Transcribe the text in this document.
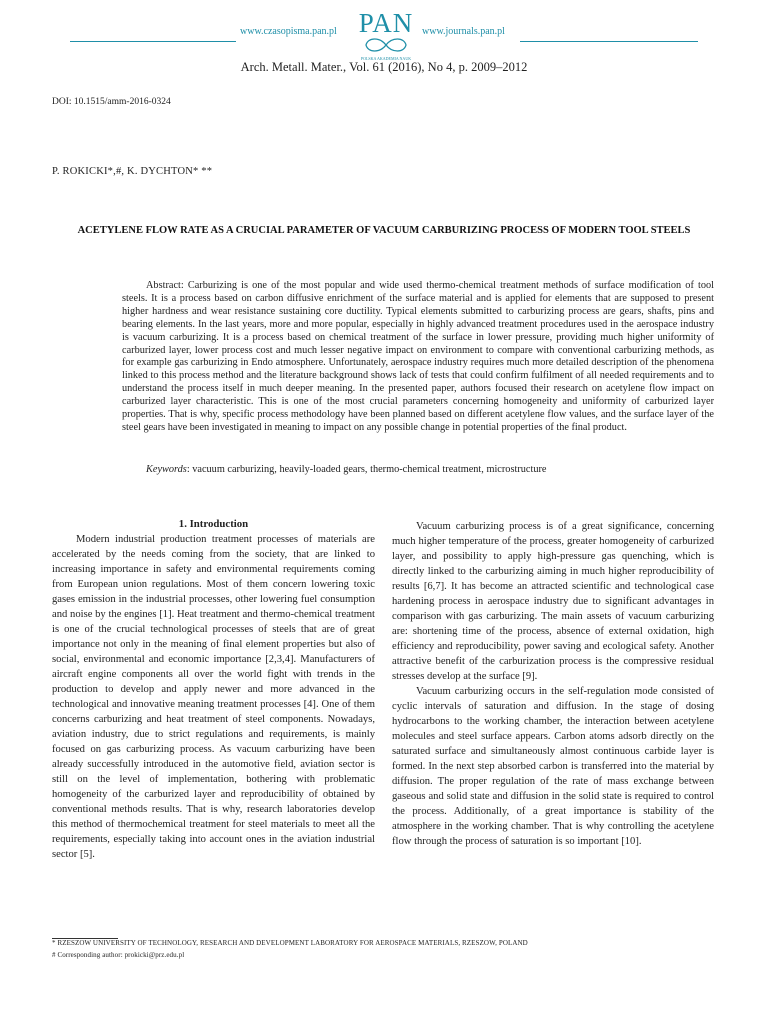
www.czasopisma.pan.pl PAN
POLSKA AKADEMIA NAUK
www.journals.pan.pl
Arch. Metall. Mater., Vol. 61 (2016), No 4, p. 2009–2012
DOI: 10.1515/amm-2016-0324
P. ROKICKI*,#, K. DYCHTON* **
ACETYLENE FLOW RATE AS A CRUCIAL PARAMETER OF VACUUM CARBURIZING PROCESS OF MODERN TOOL STEELS

Abstract: Carburizing is one of the most popular and wide used thermo-chemical treatment methods of surface modification of tool steels. It is a process based on carbon diffusive enrichment of the surface material and is applied for elements that are supposed to present higher hardness and wear resistance sustaining core ductility. Typical elements submitted to carburizing process are gears, shafts, pins and bearing elements. In the last years, more and more popular, especially in highly advanced treatment procedures used in the aerospace industry is vacuum carburizing. It is a process based on chemical treatment of the surface in lower pressure, providing much higher uniformity of carburized layer, lower process cost and much lesser negative impact on environment to compare with conventional carburizing methods, as for example gas carburizing in Endo atmosphere. Unfortunately, aerospace industry requires much more detailed description of the phenomena linked to this process method and the literature background shows lack of tests that could confirm fulfilment of all needed requirements and to understand the process itself in much deeper meaning. In the presented paper, authors focused their research on acetylene flow impact on carburized layer characteristic. This is one of the most crucial parameters concerning homogeneity and uniformity of carburized layer properties. That is why, specific process methodology have been planned based on different acetylene flow values, and the surface layer of the steel gears have been investigated in meaning to impact on any possible change in potential properties of the final product.

Keywords: vacuum carburizing, heavily-loaded gears, thermo-chemical treatment, microstructure

1. Introduction

Modern industrial production treatment processes of materials are accelerated by the needs coming from the society, that are linked to increasing importance in safety and environmental requirements coming from European union regulations. Most of them concern lowering toxic gases emission in the industrial processes, other lowering fuel consumption and noise by the engines [1]. Heat treatment and thermo-chemical treatment is one of the crucial technological processes of steels that are of great importance not only in the meaning of final element properties but also of social, environmental and economic importance [2,3,4]. Manufacturers of aircraft engine components all over the world fight with trends in the production to develop and apply newer and more advanced in the technological and innovative meaning treatment processes [4]. One of them concerns carburizing and heat treatment of steel components. Nowadays, aviation industry, due to strict regulations and requirements, is mainly focused on gas carburizing process. As vacuum carburizing have been already successfully introduced in the automotive field, aviation sector is still on the level of implementation, bothering with problematic homogeneity of the carburized layer and reproducibility of obtained by conventional methods results. That is why, research laboratories develop this method of thermochemical treatment for steel materials to meet all the requirements, especially taking into account ones in the aviation industrial sector [5].

Vacuum carburizing process is of a great significance, concerning much higher temperature of the process, greater homogeneity of carburized layer, and possibility to apply high-pressure gas quenching, which is directly linked to the carburizing aiming in much higher reproducibility of results [6,7]. It has become an attracted scientific and technological case hardening process in aerospace industry due to significant advantages in comparison with gas carburizing. The main assets of vacuum carburizing are: shortening time of the process, absence of external oxidation, high efficiency and reproducibility, power saving and ecological safety. Another attractive benefit of the carburization process is the compressive residual stresses develop at the surface [9].

Vacuum carburizing occurs in the self-regulation mode consisted of cyclic intervals of saturation and diffusion. In the stage of dosing hydrocarbons to the working chamber, the interaction between acetylene molecules and steel surface appears. Carbon atoms adsorb directly on the saturated surface and simultaneously almost continuous carbide layer is formed. In the next step absorbed carbon is transferred into the material by diffusion. The proper regulation of the rate of mass exchange between gaseous and solid state and diffusion in the solid state is required to control the process. Additionally, of a great importance is stability of the atmosphere in the working chamber. That is why controlling the acetylene flow through the process of saturation is so important [10].

* RZESZOW UNIVERSITY OF TECHNOLOGY, RESEARCH AND DEVELOPMENT LABORATORY FOR AEROSPACE MATERIALS, RZESZOW, POLAND
# Corresponding author: prokicki@prz.edu.pl
